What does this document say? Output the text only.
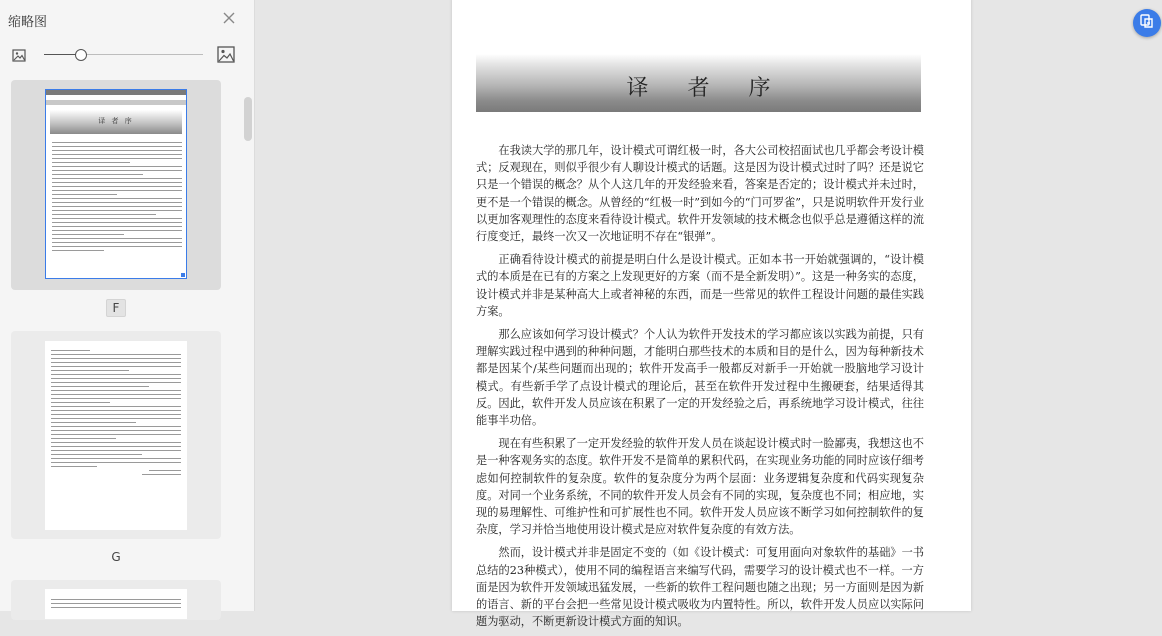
缩略图
译 者 序
F
G
译 者 序

在我读大学的那几年，设计模式可谓红极一时，各大公司校招面试也几乎都会考设计模式；反观现在，则似乎很少有人聊设计模式的话题。这是因为设计模式过时了吗？还是说它只是一个错误的概念？从个人这几年的开发经验来看，答案是否定的；设计模式并未过时，更不是一个错误的概念。从曾经的“红极一时”到如今的“门可罗雀”，只是说明软件开发行业以更加客观理性的态度来看待设计模式。软件开发领域的技术概念也似乎总是遵循这样的流行度变迁，最终一次又一次地证明不存在“银弹”。

正确看待设计模式的前提是明白什么是设计模式。正如本书一开始就强调的，“设计模式的本质是在已有的方案之上发现更好的方案（而不是全新发明）”。这是一种务实的态度，设计模式并非是某种高大上或者神秘的东西，而是一些常见的软件工程设计问题的最佳实践方案。

那么应该如何学习设计模式？个人认为软件开发技术的学习都应该以实践为前提，只有理解实践过程中遇到的种种问题，才能明白那些技术的本质和目的是什么，因为每种新技术都是因某个/某些问题而出现的；软件开发高手一般都反对新手一开始就一股脑地学习设计模式。有些新手学了点设计模式的理论后，甚至在软件开发过程中生搬硬套，结果适得其反。因此，软件开发人员应该在积累了一定的开发经验之后，再系统地学习设计模式，往往能事半功倍。

现在有些积累了一定开发经验的软件开发人员在谈起设计模式时一脸鄙夷，我想这也不是一种客观务实的态度。软件开发不是简单的累积代码，在实现业务功能的同时应该仔细考虑如何控制软件的复杂度。软件的复杂度分为两个层面：业务逻辑复杂度和代码实现复杂度。对同一个业务系统，不同的软件开发人员会有不同的实现，复杂度也不同；相应地，实现的易理解性、可维护性和可扩展性也不同。软件开发人员应该不断学习如何控制软件的复杂度，学习并恰当地使用设计模式是应对软件复杂度的有效方法。

然而，设计模式并非是固定不变的（如《设计模式：可复用面向对象软件的基础》一书总结的23种模式），使用不同的编程语言来编写代码，需要学习的设计模式也不一样。一方面是因为软件开发领域迅猛发展，一些新的软件工程问题也随之出现；另一方面则是因为新的语言、新的平台会把一些常见设计模式吸收为内置特性。所以，软件开发人员应以实际问题为驱动，不断更新设计模式方面的知识。
